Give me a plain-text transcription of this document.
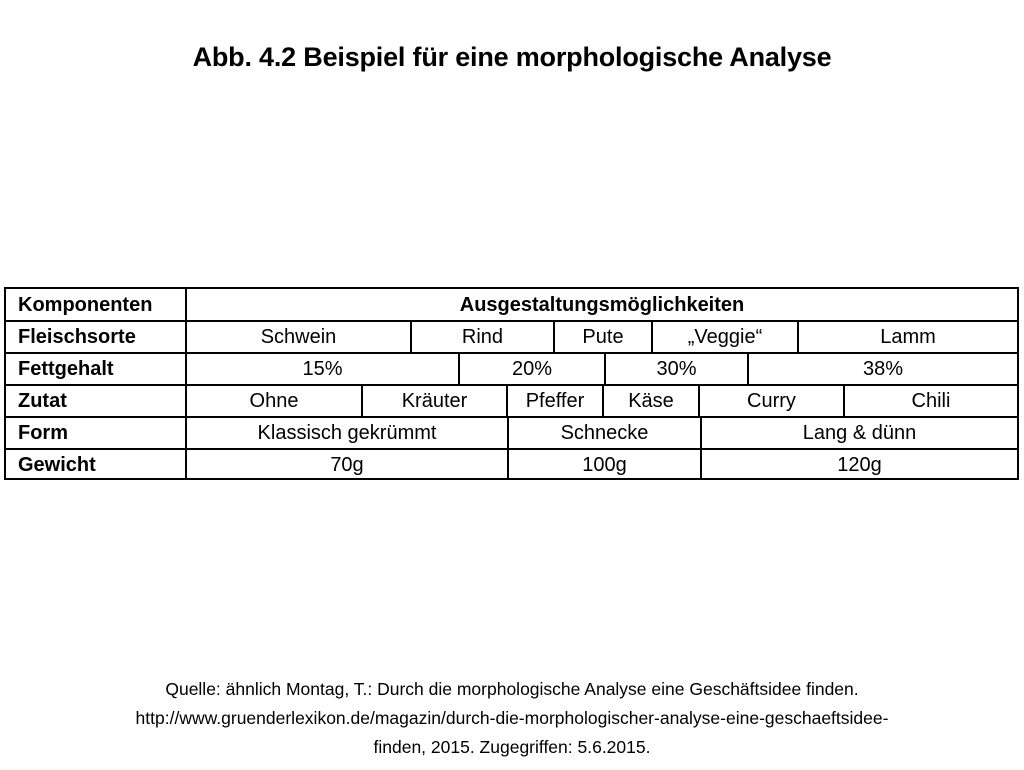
Abb. 4.2 Beispiel für eine morphologische Analyse
Komponenten	Ausgestaltungsmöglichkeiten
Fleischsorte	Schwein	Rind	Pute	„Veggie“	Lamm
Fettgehalt	15%	20%	30%	38%
Zutat	Ohne	Kräuter	Pfeffer	Käse	Curry	Chili
Form	Klassisch gekrümmt	Schnecke	Lang & dünn
Gewicht	70g	100g	120g
Quelle: ähnlich Montag, T.: Durch die morphologische Analyse eine Geschäftsidee finden.
http://www.gruenderlexikon.de/magazin/durch-die-morphologischer-analyse-eine-geschaeftsidee-
finden, 2015. Zugegriffen: 5.6.2015.
